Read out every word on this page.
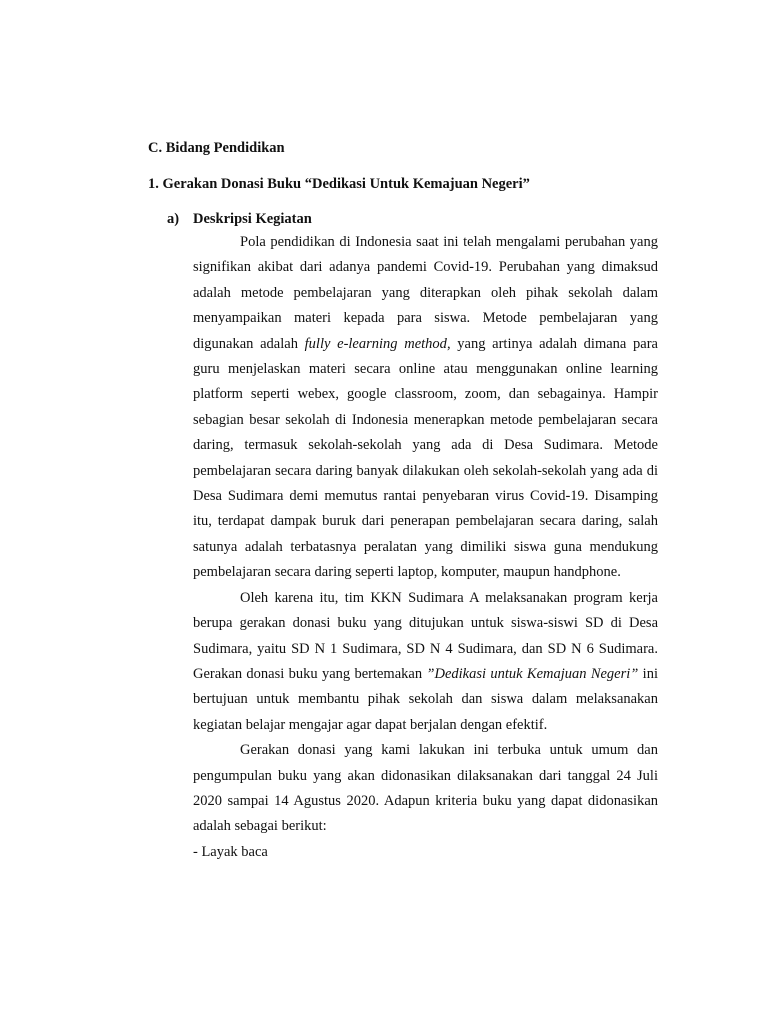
C. Bidang Pendidikan
1. Gerakan Donasi Buku “Dedikasi Untuk Kemajuan Negeri”
a) Deskripsi Kegiatan

Pola pendidikan di Indonesia saat ini telah mengalami perubahan yang signifikan akibat dari adanya pandemi Covid-19. Perubahan yang dimaksud adalah metode pembelajaran yang diterapkan oleh pihak sekolah dalam menyampaikan materi kepada para siswa. Metode pembelajaran yang digunakan adalah fully e-learning method, yang artinya adalah dimana para guru menjelaskan materi secara online atau menggunakan online learning platform seperti webex, google classroom, zoom, dan sebagainya. Hampir sebagian besar sekolah di Indonesia menerapkan metode pembelajaran secara daring, termasuk sekolah-sekolah yang ada di Desa Sudimara. Metode pembelajaran secara daring banyak dilakukan oleh sekolah-sekolah yang ada di Desa Sudimara demi memutus rantai penyebaran virus Covid-19. Disamping itu, terdapat dampak buruk dari penerapan pembelajaran secara daring, salah satunya adalah terbatasnya peralatan yang dimiliki siswa guna mendukung pembelajaran secara daring seperti laptop, komputer, maupun handphone.

Oleh karena itu, tim KKN Sudimara A melaksanakan program kerja berupa gerakan donasi buku yang ditujukan untuk siswa-siswi SD di Desa Sudimara, yaitu SD N 1 Sudimara, SD N 4 Sudimara, dan SD N 6 Sudimara. Gerakan donasi buku yang bertemakan ”Dedikasi untuk Kemajuan Negeri” ini bertujuan untuk membantu pihak sekolah dan siswa dalam melaksanakan kegiatan belajar mengajar agar dapat berjalan dengan efektif.

Gerakan donasi yang kami lakukan ini terbuka untuk umum dan pengumpulan buku yang akan didonasikan dilaksanakan dari tanggal 24 Juli 2020 sampai 14 Agustus 2020. Adapun kriteria buku yang dapat didonasikan adalah sebagai berikut:

- Layak baca
